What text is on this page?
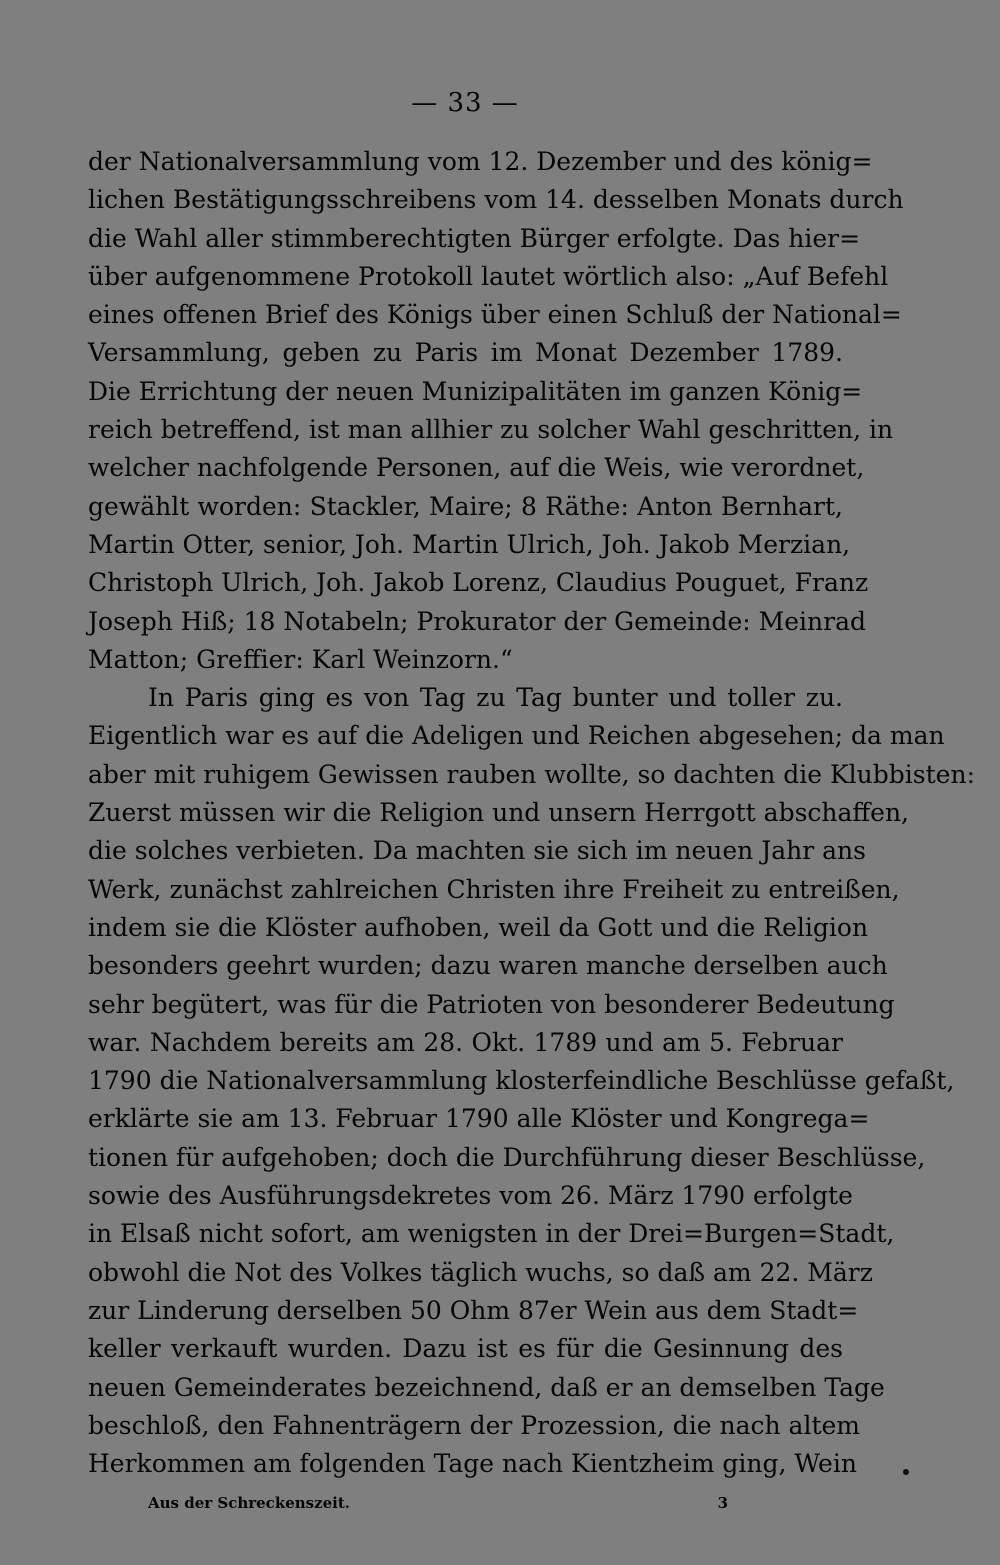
— 33 —
der Nationalversammlung vom 12. Dezember und des könig=
lichen Bestätigungsschreibens vom 14. desselben Monats durch
die Wahl aller stimmberechtigten Bürger erfolgte. Das hier=
über aufgenommene Protokoll lautet wörtlich also: „Auf Befehl
eines offenen Brief des Königs über einen Schluß der National=
Versammlung, geben zu Paris im Monat Dezember 1789.
Die Errichtung der neuen Munizipalitäten im ganzen König=
reich betreffend, ist man allhier zu solcher Wahl geschritten, in
welcher nachfolgende Personen, auf die Weis, wie verordnet,
gewählt worden: Stackler, Maire; 8 Räthe: Anton Bernhart,
Martin Otter, senior, Joh. Martin Ulrich, Joh. Jakob Merzian,
Christoph Ulrich, Joh. Jakob Lorenz, Claudius Pouguet, Franz
Joseph Hiß; 18 Notabeln; Prokurator der Gemeinde: Meinrad
Matton; Greffier: Karl Weinzorn.“
In Paris ging es von Tag zu Tag bunter und toller zu.
Eigentlich war es auf die Adeligen und Reichen abgesehen; da man
aber mit ruhigem Gewissen rauben wollte, so dachten die Klubbisten:
Zuerst müssen wir die Religion und unsern Herrgott abschaffen,
die solches verbieten. Da machten sie sich im neuen Jahr ans
Werk, zunächst zahlreichen Christen ihre Freiheit zu entreißen,
indem sie die Klöster aufhoben, weil da Gott und die Religion
besonders geehrt wurden; dazu waren manche derselben auch
sehr begütert, was für die Patrioten von besonderer Bedeutung
war. Nachdem bereits am 28. Okt. 1789 und am 5. Februar
1790 die Nationalversammlung klosterfeindliche Beschlüsse gefaßt,
erklärte sie am 13. Februar 1790 alle Klöster und Kongrega=
tionen für aufgehoben; doch die Durchführung dieser Beschlüsse,
sowie des Ausführungsdekretes vom 26. März 1790 erfolgte
in Elsaß nicht sofort, am wenigsten in der Drei=Burgen=Stadt,
obwohl die Not des Volkes täglich wuchs, so daß am 22. März
zur Linderung derselben 50 Ohm 87er Wein aus dem Stadt=
keller verkauft wurden. Dazu ist es für die Gesinnung des
neuen Gemeinderates bezeichnend, daß er an demselben Tage
beschloß, den Fahnenträgern der Prozession, die nach altem
Herkommen am folgenden Tage nach Kientzheim ging, Wein
Aus der Schreckenszeit.	3
